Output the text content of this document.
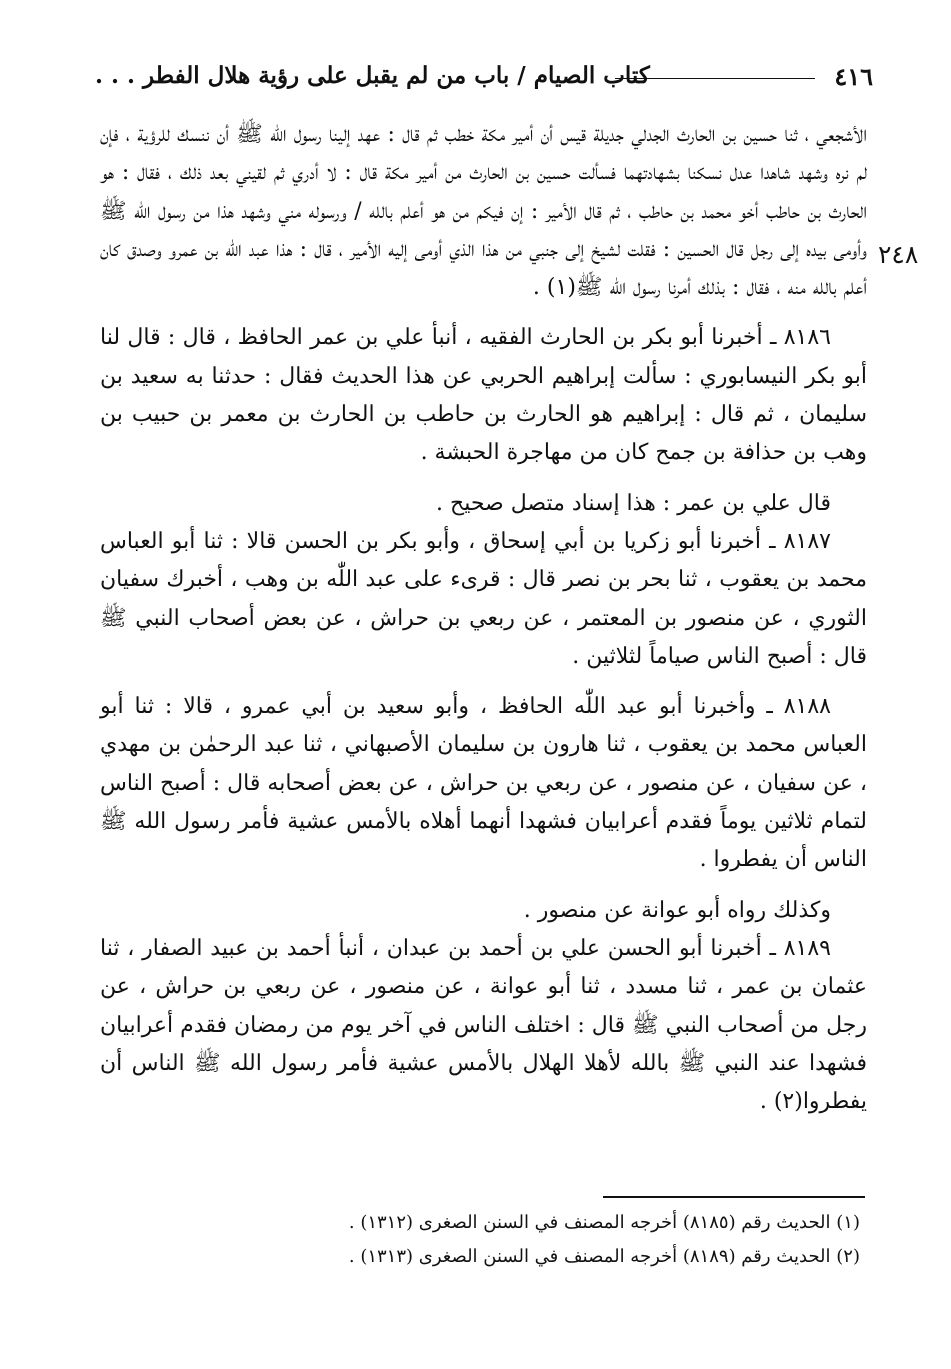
٤١٦
كتاب الصيام / باب من لم يقبل على رؤية هلال الفطر . . .
٢٤٨

الأشجعي ، ثنا حسين بن الحارث الجدلي جديلة قيس أن أمير مكة خطب ثم قال : عهد إلينا رسول الله ﷺ أن ننسك للرؤية ، فإن لم نره وشهد شاهدا عدل نسكنا بشهادتهما فسألت حسين بن الحارث من أمير مكة قال : لا أدري ثم لقيني بعد ذلك ، فقال : هو الحارث بن حاطب أخو محمد بن حاطب ، ثم قال الأمير : إن فيكم من هو أعلم بالله / ورسوله مني وشهد هذا من رسول الله ﷺ وأومى بيده إلى رجل قال الحسين : فقلت لشيخ إلى جنبي من هذا الذي أومى إليه الأمير ، قال : هذا عبد اللّٰه بن عمرو وصدق كان أعلم بالله منه ، فقال : بذلك أمرنا رسول الله ﷺ(١) .

٨١٨٦ ـ أخبرنا أبو بكر بن الحارث الفقيه ، أنبأ علي بن عمر الحافظ ، قال : قال لنا أبو بكر النيسابوري : سألت إبراهيم الحربي عن هذا الحديث فقال : حدثنا به سعيد بن سليمان ، ثم قال : إبراهيم هو الحارث بن حاطب بن الحارث بن معمر بن حبيب بن وهب بن حذافة بن جمح كان من مهاجرة الحبشة .

قال علي بن عمر : هذا إسناد متصل صحيح .

٨١٨٧ ـ أخبرنا أبو زكريا بن أبي إسحاق ، وأبو بكر بن الحسن قالا : ثنا أبو العباس محمد بن يعقوب ، ثنا بحر بن نصر قال : قرىء على عبد اللّٰه بن وهب ، أخبرك سفيان الثوري ، عن منصور بن المعتمر ، عن ربعي بن حراش ، عن بعض أصحاب النبي ﷺ قال : أصبح الناس صياماً لثلاثين .

٨١٨٨ ـ وأخبرنا أبو عبد اللّٰه الحافظ ، وأبو سعيد بن أبي عمرو ، قالا : ثنا أبو العباس محمد بن يعقوب ، ثنا هارون بن سليمان الأصبهاني ، ثنا عبد الرحمٰن بن مهدي ، عن سفيان ، عن منصور ، عن ربعي بن حراش ، عن بعض أصحابه قال : أصبح الناس لتمام ثلاثين يوماً فقدم أعرابيان فشهدا أنهما أهلاه بالأمس عشية فأمر رسول الله ﷺ الناس أن يفطروا .

وكذلك رواه أبو عوانة عن منصور .

٨١٨٩ ـ أخبرنا أبو الحسن علي بن أحمد بن عبدان ، أنبأ أحمد بن عبيد الصفار ، ثنا عثمان بن عمر ، ثنا مسدد ، ثنا أبو عوانة ، عن منصور ، عن ربعي بن حراش ، عن رجل من أصحاب النبي ﷺ قال : اختلف الناس في آخر يوم من رمضان فقدم أعرابيان فشهدا عند النبي ﷺ بالله لأهلا الهلال بالأمس عشية فأمر رسول الله ﷺ الناس أن يفطروا(٢) .

(١) الحديث رقم (٨١٨٥) أخرجه المصنف في السنن الصغرى (١٣١٢) .

(٢) الحديث رقم (٨١٨٩) أخرجه المصنف في السنن الصغرى (١٣١٣) .
